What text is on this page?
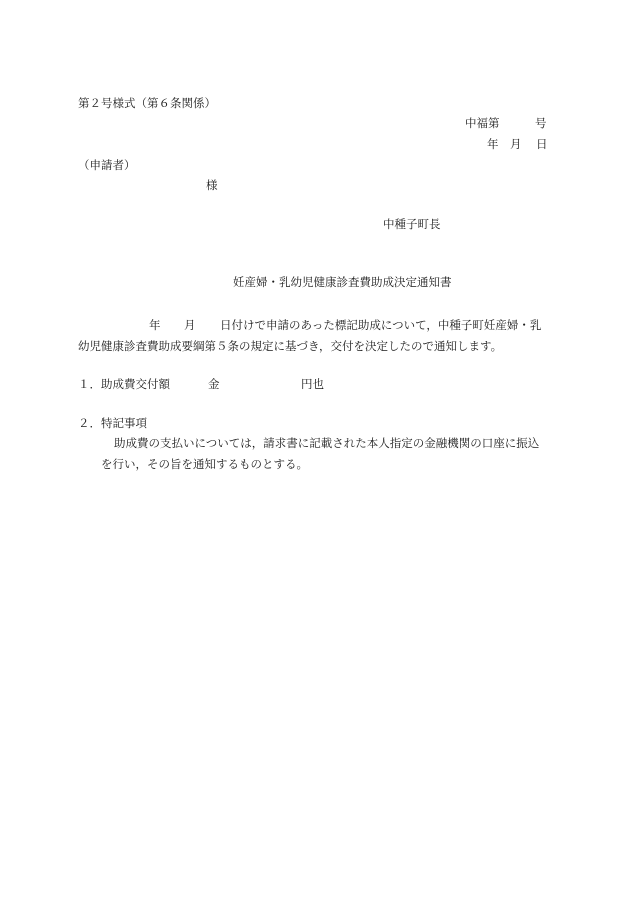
第２号様式（第６条関係）
中福第	号
年 月 日
（申請者）
様
中種子町長
妊産婦・乳幼児健康診査費助成決定通知書
年 月 日付けで申請のあった標記助成について，中種子町妊産婦・乳
幼児健康診査費助成要綱第５条の規定に基づき，交付を決定したので通知します。
１．助成費交付額	金	円也
２．特記事項
助成費の支払いについては，請求書に記載された本人指定の金融機関の口座に振込
を行い，その旨を通知するものとする。
